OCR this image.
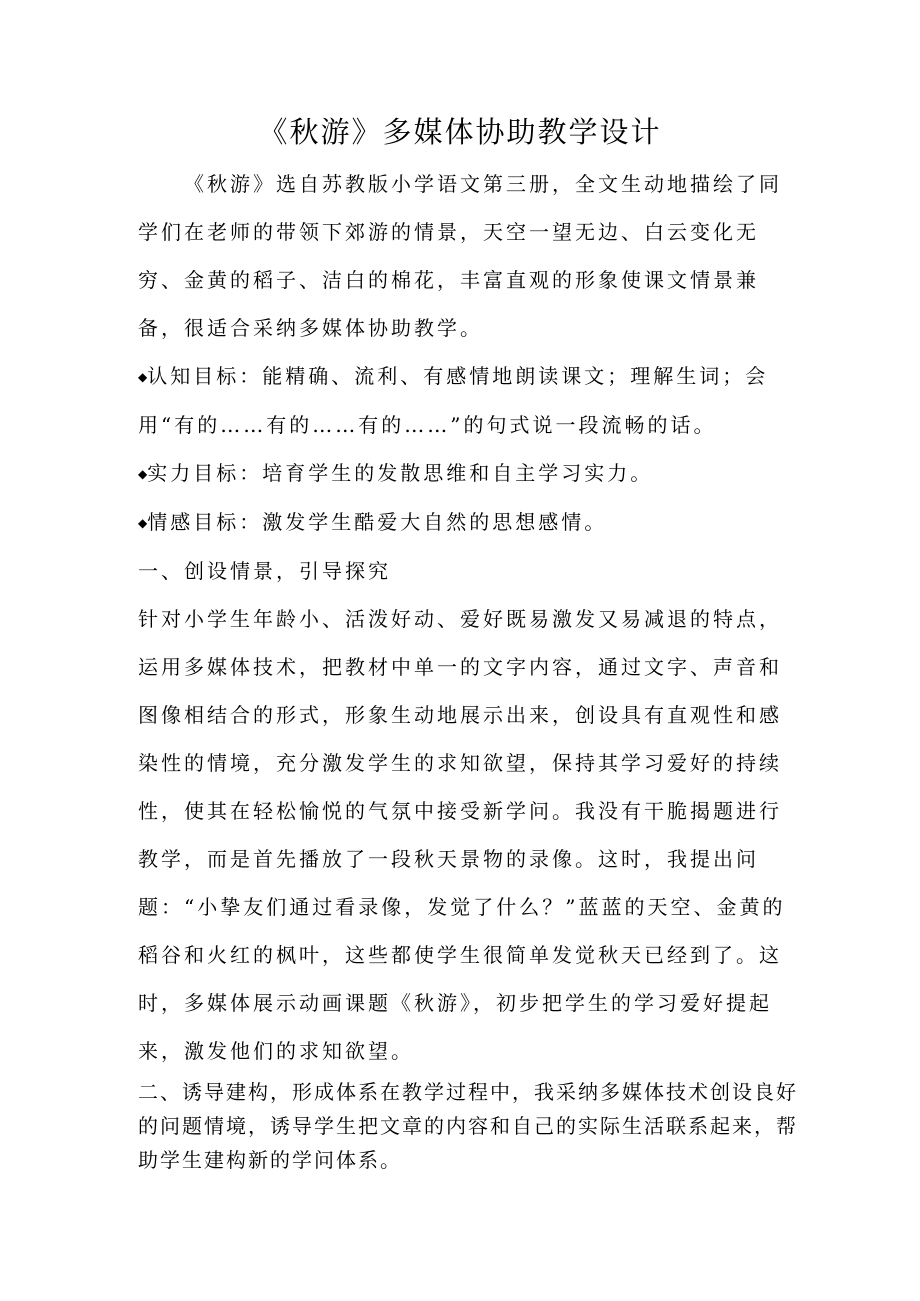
《秋游》多媒体协助教学设计

《秋游》选自苏教版小学语文第三册，全文生动地描绘了同学们在老师的带领下郊游的情景，天空一望无边、白云变化无穷、金黄的稻子、洁白的棉花，丰富直观的形象使课文情景兼备，很适合采纳多媒体协助教学。

◆认知目标：能精确、流利、有感情地朗读课文；理解生词；会用“有的……有的……有的……”的句式说一段流畅的话。

◆实力目标：培育学生的发散思维和自主学习实力。

◆情感目标：激发学生酷爱大自然的思想感情。

一、创设情景，引导探究

针对小学生年龄小、活泼好动、爱好既易激发又易减退的特点，运用多媒体技术，把教材中单一的文字内容，通过文字、声音和图像相结合的形式，形象生动地展示出来，创设具有直观性和感染性的情境，充分激发学生的求知欲望，保持其学习爱好的持续性，使其在轻松愉悦的气氛中接受新学问。我没有干脆揭题进行教学，而是首先播放了一段秋天景物的录像。这时，我提出问题：“小挚友们通过看录像，发觉了什么？”蓝蓝的天空、金黄的稻谷和火红的枫叶，这些都使学生很简单发觉秋天已经到了。这时，多媒体展示动画课题《秋游》，初步把学生的学习爱好提起来，激发他们的求知欲望。

二、诱导建构，形成体系在教学过程中，我采纳多媒体技术创设良好的问题情境，诱导学生把文章的内容和自己的实际生活联系起来，帮助学生建构新的学问体系。
